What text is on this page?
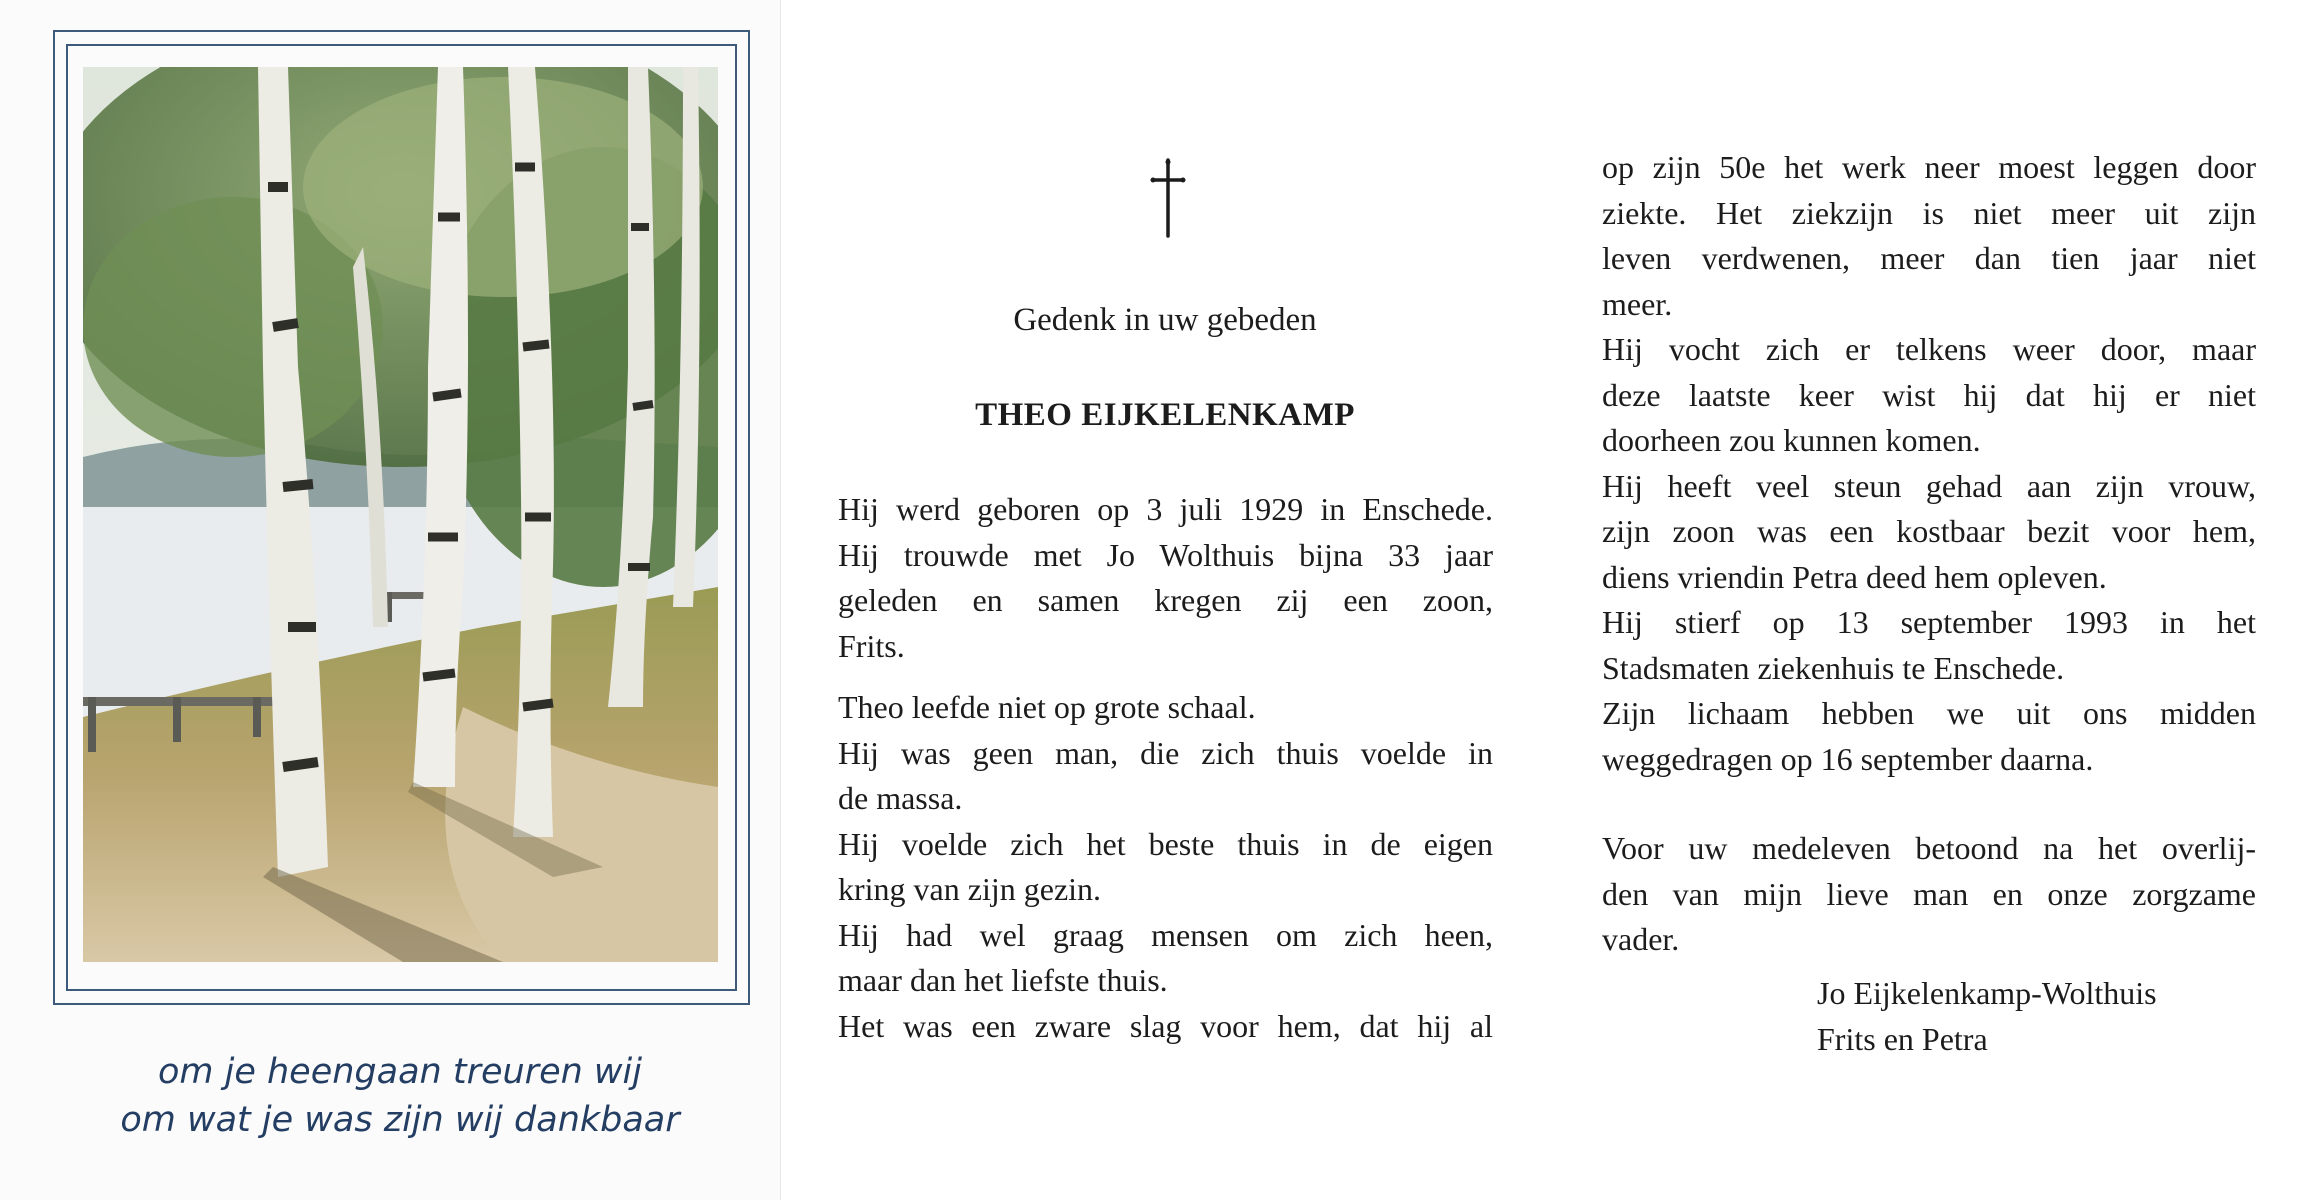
om je heengaan treuren wij
om wat je was zijn wij dankbaar
Gedenk in uw gebeden
THEO EIJKELENKAMP

Hij werd geboren op 3 juli 1929 in Enschede.
Hij trouwde met Jo Wolthuis bijna 33 jaar
geleden en samen kregen zij een zoon,
Frits.

Theo leefde niet op grote schaal.
Hij was geen man, die zich thuis voelde in
de massa.
Hij voelde zich het beste thuis in de eigen
kring van zijn gezin.
Hij had wel graag mensen om zich heen,
maar dan het liefste thuis.
Het was een zware slag voor hem, dat hij al

op zijn 50e het werk neer moest leggen door
ziekte. Het ziekzijn is niet meer uit zijn
leven verdwenen, meer dan tien jaar niet
meer.
Hij vocht zich er telkens weer door, maar
deze laatste keer wist hij dat hij er niet
doorheen zou kunnen komen.
Hij heeft veel steun gehad aan zijn vrouw,
zijn zoon was een kostbaar bezit voor hem,
diens vriendin Petra deed hem opleven.
Hij stierf op 13 september 1993 in het
Stadsmaten ziekenhuis te Enschede.
Zijn lichaam hebben we uit ons midden
weggedragen op 16 september daarna.

Voor uw medeleven betoond na het overlij-
den van mijn lieve man en onze zorgzame
vader.

Jo Eijkelenkamp-Wolthuis
Frits en Petra
